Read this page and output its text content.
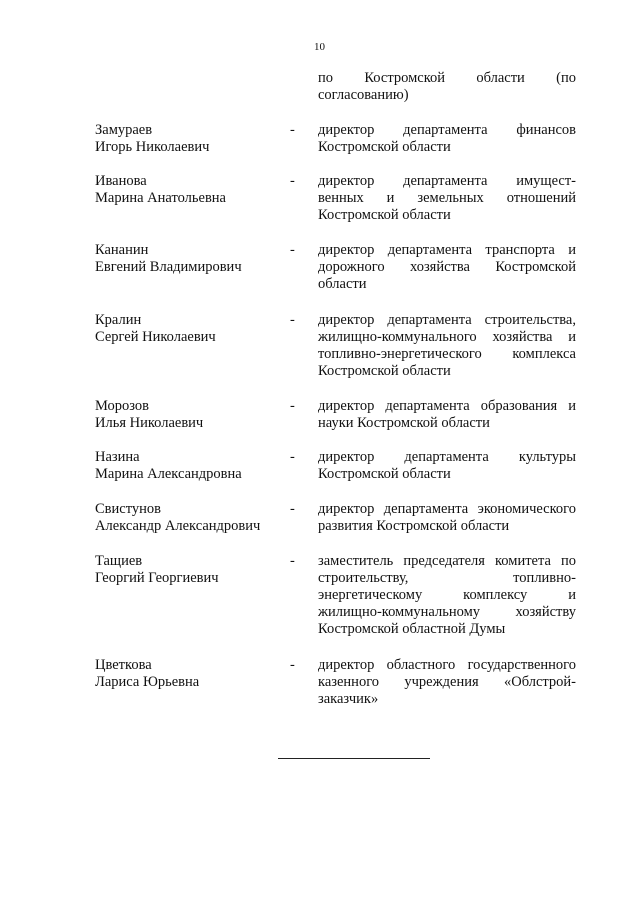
10
по Костромской области (по
согласованию)
Замураев
Игорь Николаевич
- директор департамента финансов
Костромской области
Иванова
Марина Анатольевна
- директор департамента имущест-
венных и земельных отношений
Костромской области
Кананин
Евгений Владимирович
- директор департамента транспорта и
дорожного хозяйства Костромской
области
Кралин
Сергей Николаевич
- директор департамента строительства,
жилищно-коммунального хозяйства и
топливно-энергетического комплекса
Костромской области
Морозов
Илья Николаевич
- директор департамента образования и
науки Костромской области
Назина
Марина Александровна
- директор департамента культуры
Костромской области
Свистунов
Александр Александрович
- директор департамента экономического
развития Костромской области
Тащиев
Георгий Георгиевич
- заместитель председателя комитета по
строительству, топливно-
энергетическому комплексу и
жилищно-коммунальному хозяйству
Костромской областной Думы
Цветкова
Лариса Юрьевна
- директор областного государственного
казенного учреждения «Облстрой-
заказчик»
